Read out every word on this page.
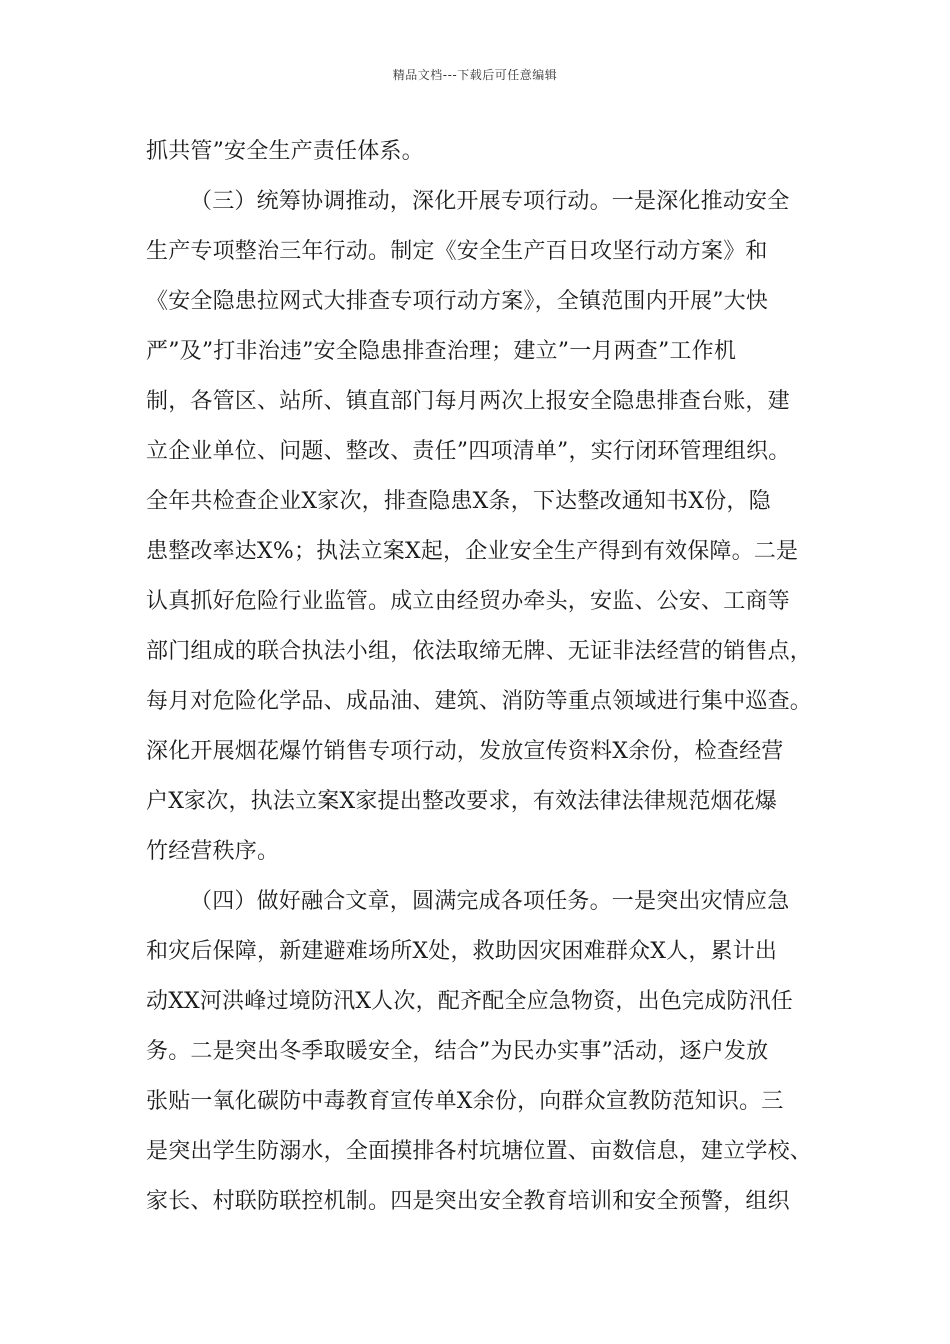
精品文档---下载后可任意编辑
抓共管”安全生产责任体系。
（三）统筹协调推动，深化开展专项行动。一是深化推动安全
生产专项整治三年行动。制定《安全生产百日攻坚行动方案》和
《安全隐患拉网式大排查专项行动方案》，全镇范围内开展”大快
严”及”打非治违”安全隐患排查治理；建立”一月两查”工作机
制，各管区、站所、镇直部门每月两次上报安全隐患排查台账，建
立企业单位、问题、整改、责任”四项清单”，实行闭环管理组织。
全年共检查企业X家次，排查隐患X条，下达整改通知书X份，隐
患整改率达X%；执法立案X起，企业安全生产得到有效保障。二是
认真抓好危险行业监管。成立由经贸办牵头，安监、公安、工商等
部门组成的联合执法小组，依法取缔无牌、无证非法经营的销售点，
每月对危险化学品、成品油、建筑、消防等重点领域进行集中巡查。
深化开展烟花爆竹销售专项行动，发放宣传资料X余份，检查经营
户X家次，执法立案X家提出整改要求，有效法律法律规范烟花爆
竹经营秩序。
（四）做好融合文章，圆满完成各项任务。一是突出灾情应急
和灾后保障，新建避难场所X处，救助因灾困难群众X人，累计出
动XX河洪峰过境防汛X人次，配齐配全应急物资，出色完成防汛任
务。二是突出冬季取暖安全，结合”为民办实事”活动，逐户发放
张贴一氧化碳防中毒教育宣传单X余份，向群众宣教防范知识。三
是突出学生防溺水，全面摸排各村坑塘位置、亩数信息，建立学校、
家长、村联防联控机制。四是突出安全教育培训和安全预警，组织
